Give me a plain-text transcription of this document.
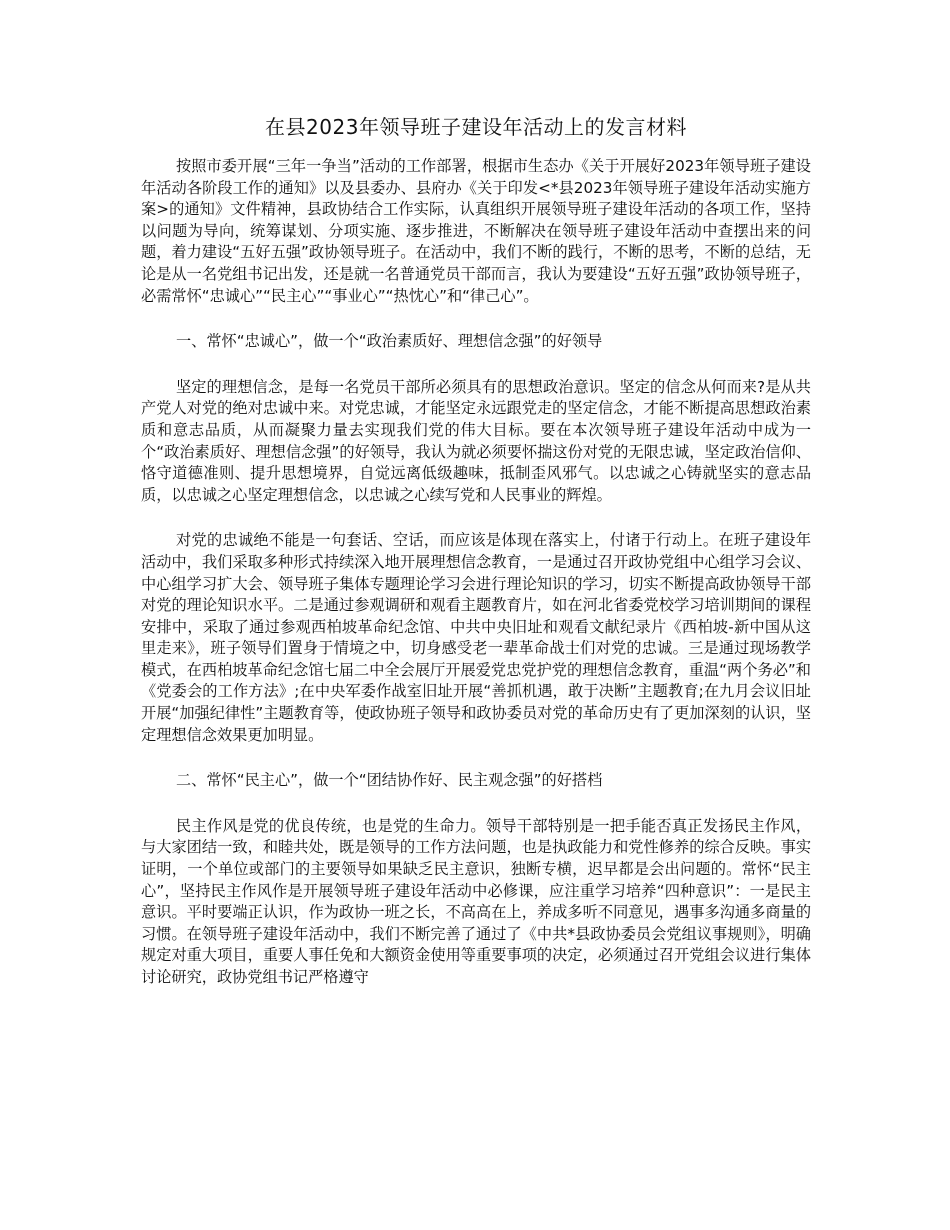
在县2023年领导班子建设年活动上的发言材料
按照市委开展“三年一争当”活动的工作部署，根据市生态办《关于开展好2023年领导班子建设年活动各阶段工作的通知》以及县委办、县府办《关于印发<*县2023年领导班子建设年活动实施方案>的通知》文件精神，县政协结合工作实际，认真组织开展领导班子建设年活动的各项工作，坚持以问题为导向，统筹谋划、分项实施、逐步推进，不断解决在领导班子建设年活动中查摆出来的问题，着力建设“五好五强”政协领导班子。在活动中，我们不断的践行，不断的思考，不断的总结，无论是从一名党组书记出发，还是就一名普通党员干部而言，我认为要建设“五好五强”政协领导班子，必需常怀“忠诚心”“民主心”“事业心”“热忱心”和“律己心”。
一、常怀“忠诚心”，做一个“政治素质好、理想信念强”的好领导
坚定的理想信念，是每一名党员干部所必须具有的思想政治意识。坚定的信念从何而来?是从共产党人对党的绝对忠诚中来。对党忠诚，才能坚定永远跟党走的坚定信念，才能不断提高思想政治素质和意志品质，从而凝聚力量去实现我们党的伟大目标。要在本次领导班子建设年活动中成为一个“政治素质好、理想信念强”的好领导，我认为就必须要怀揣这份对党的无限忠诚，坚定政治信仰、恪守道德准则、提升思想境界，自觉远离低级趣味，抵制歪风邪气。以忠诚之心铸就坚实的意志品质，以忠诚之心坚定理想信念，以忠诚之心续写党和人民事业的辉煌。
对党的忠诚绝不能是一句套话、空话，而应该是体现在落实上，付诸于行动上。在班子建设年活动中，我们采取多种形式持续深入地开展理想信念教育，一是通过召开政协党组中心组学习会议、中心组学习扩大会、领导班子集体专题理论学习会进行理论知识的学习，切实不断提高政协领导干部对党的理论知识水平。二是通过参观调研和观看主题教育片，如在河北省委党校学习培训期间的课程安排中，采取了通过参观西柏坡革命纪念馆、中共中央旧址和观看文献纪录片《西柏坡-新中国从这里走来》，班子领导们置身于情境之中，切身感受老一辈革命战士们对党的忠诚。三是通过现场教学模式，在西柏坡革命纪念馆七届二中全会展厅开展爱党忠党护党的理想信念教育，重温“两个务必”和《党委会的工作方法》;在中央军委作战室旧址开展“善抓机遇，敢于决断”主题教育;在九月会议旧址开展“加强纪律性”主题教育等，使政协班子领导和政协委员对党的革命历史有了更加深刻的认识，坚定理想信念效果更加明显。
二、常怀“民主心”，做一个“团结协作好、民主观念强”的好搭档
民主作风是党的优良传统，也是党的生命力。领导干部特别是一把手能否真正发扬民主作风，与大家团结一致，和睦共处，既是领导的工作方法问题，也是执政能力和党性修养的综合反映。事实证明，一个单位或部门的主要领导如果缺乏民主意识，独断专横，迟早都是会出问题的。常怀“民主心”，坚持民主作风作是开展领导班子建设年活动中必修课，应注重学习培养“四种意识”：一是民主意识。平时要端正认识，作为政协一班之长，不高高在上，养成多听不同意见，遇事多沟通多商量的习惯。在领导班子建设年活动中，我们不断完善了通过了《中共*县政协委员会党组议事规则》，明确规定对重大项目，重要人事任免和大额资金使用等重要事项的决定，必须通过召开党组会议进行集体讨论研究，政协党组书记严格遵守
